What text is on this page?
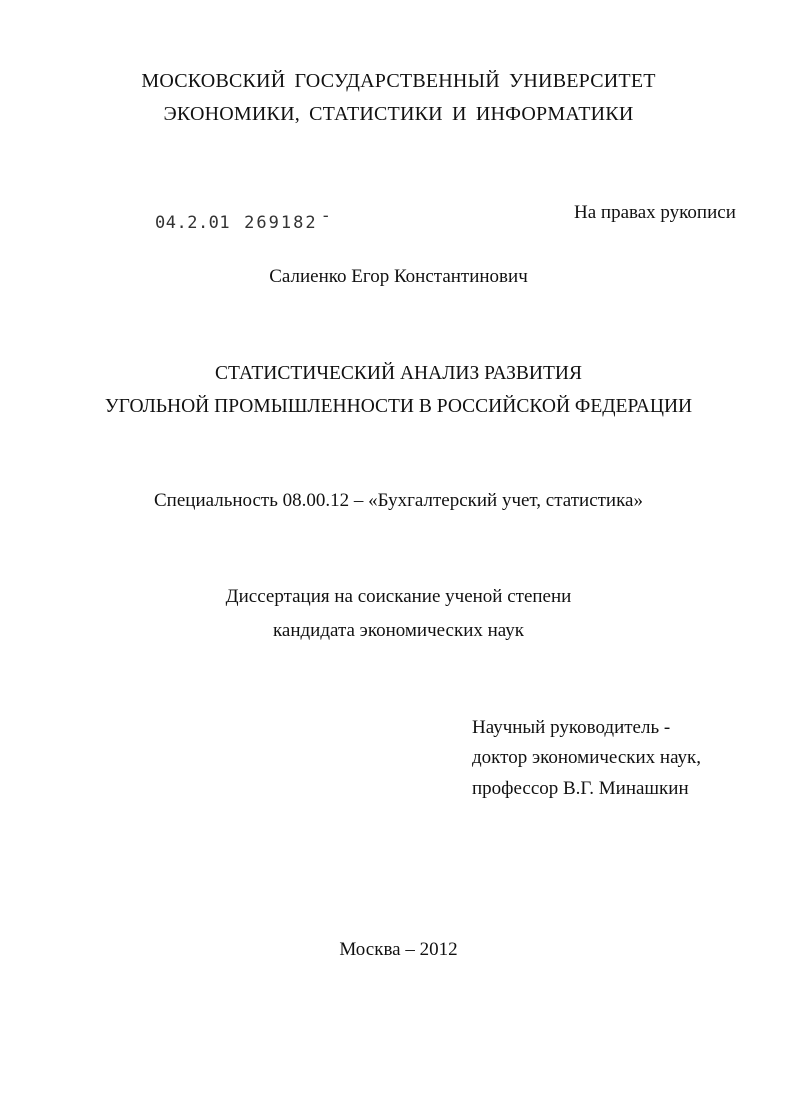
МОСКОВСКИЙ ГОСУДАРСТВЕННЫЙ УНИВЕРСИТЕТ
ЭКОНОМИКИ, СТАТИСТИКИ И ИНФОРМАТИКИ
04.2.01 269182 -	На правах рукописи
Салиенко Егор Константинович
СТАТИСТИЧЕСКИЙ АНАЛИЗ РАЗВИТИЯ
УГОЛЬНОЙ ПРОМЫШЛЕННОСТИ В РОССИЙСКОЙ ФЕДЕРАЦИИ
Специальность 08.00.12 – «Бухгалтерский учет, статистика»
Диссертация на соискание ученой степени
кандидата экономических наук
Научный руководитель -
доктор экономических наук,
профессор В.Г. Минашкин
Москва – 2012
